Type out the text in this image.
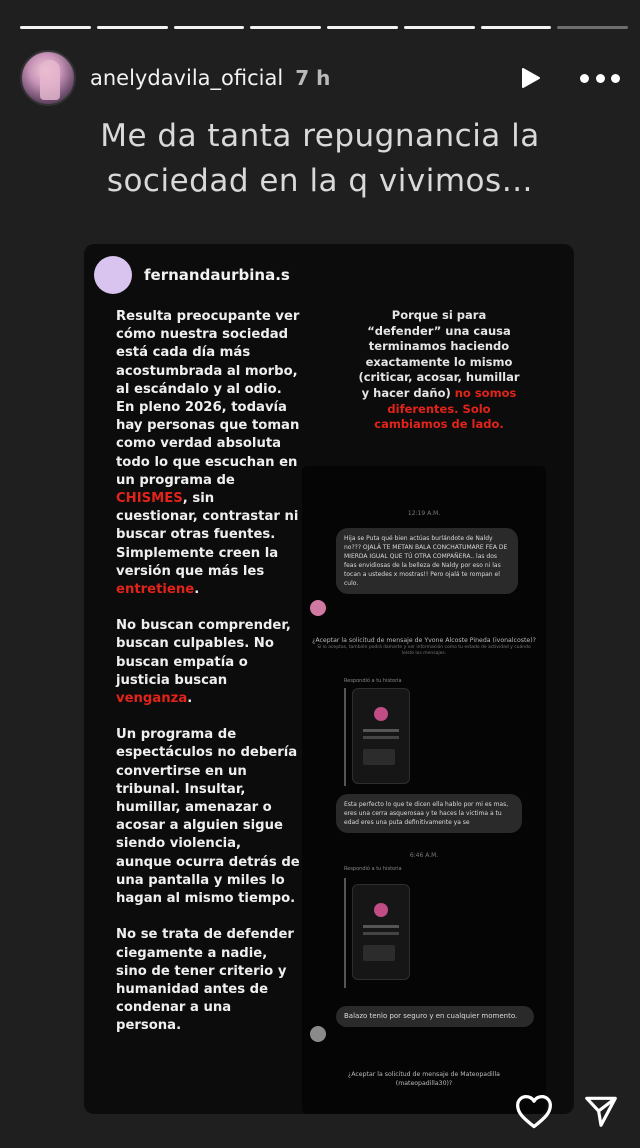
anelydavila_oficial 7 h
Me da tanta repugnancia la sociedad en la q vivimos…
fernandaurbina.s

Resulta preocupante ver cómo nuestra sociedad está cada día más acostumbrada al morbo, al escándalo y al odio. En pleno 2026, todavía hay personas que toman como verdad absoluta todo lo que escuchan en un programa de CHISMES, sin cuestionar, contrastar ni buscar otras fuentes. Simplemente creen la versión que más les entretiene.

No buscan comprender, buscan culpables. No buscan empatía o justicia buscan venganza.

Un programa de espectáculos no debería convertirse en un tribunal. Insultar, humillar, amenazar o acosar a alguien sigue siendo violencia, aunque ocurra detrás de una pantalla y miles lo hagan al mismo tiempo.

No se trata de defender ciegamente a nadie, sino de tener criterio y humanidad antes de condenar a una persona.

Porque si para “defender” una causa terminamos haciendo exactamente lo mismo (criticar, acosar, humillar y hacer daño) no somos diferentes. Solo cambiamos de lado.
12:19 A.M.
Hija se Puta qué bien actúas burlándote de Naldy no??? OJALÁ TE METAN BALA CONCHATUMARE FEA DE MIERDA IGUAL QUE TÚ OTRA COMPAÑERA.. las dos feas envidiosas de la belleza de Naldy por eso ni las tocan a ustedes x mostras!! Pero ojalá te rompan el culo.
¿Aceptar la solicitud de mensaje de Yvone Alcoste Pineda (ivonalcoste)?
Si lo aceptas, también podrá llamarte y ver información como tu estado de actividad y cuándo leíste los mensajes.
Respondió a tu historia
Esta perfecto lo que te dicen ella hablo por mi es mas, eres una cerra asquerosaa y te haces la victima a tu edad eres una puta definitivamente ya se
6:46 A.M.
Respondió a tu historia
Balazo tenlo por seguro y en cualquier momento.
¿Aceptar la solicitud de mensaje de Mateopadilla (mateopadilla30)?
